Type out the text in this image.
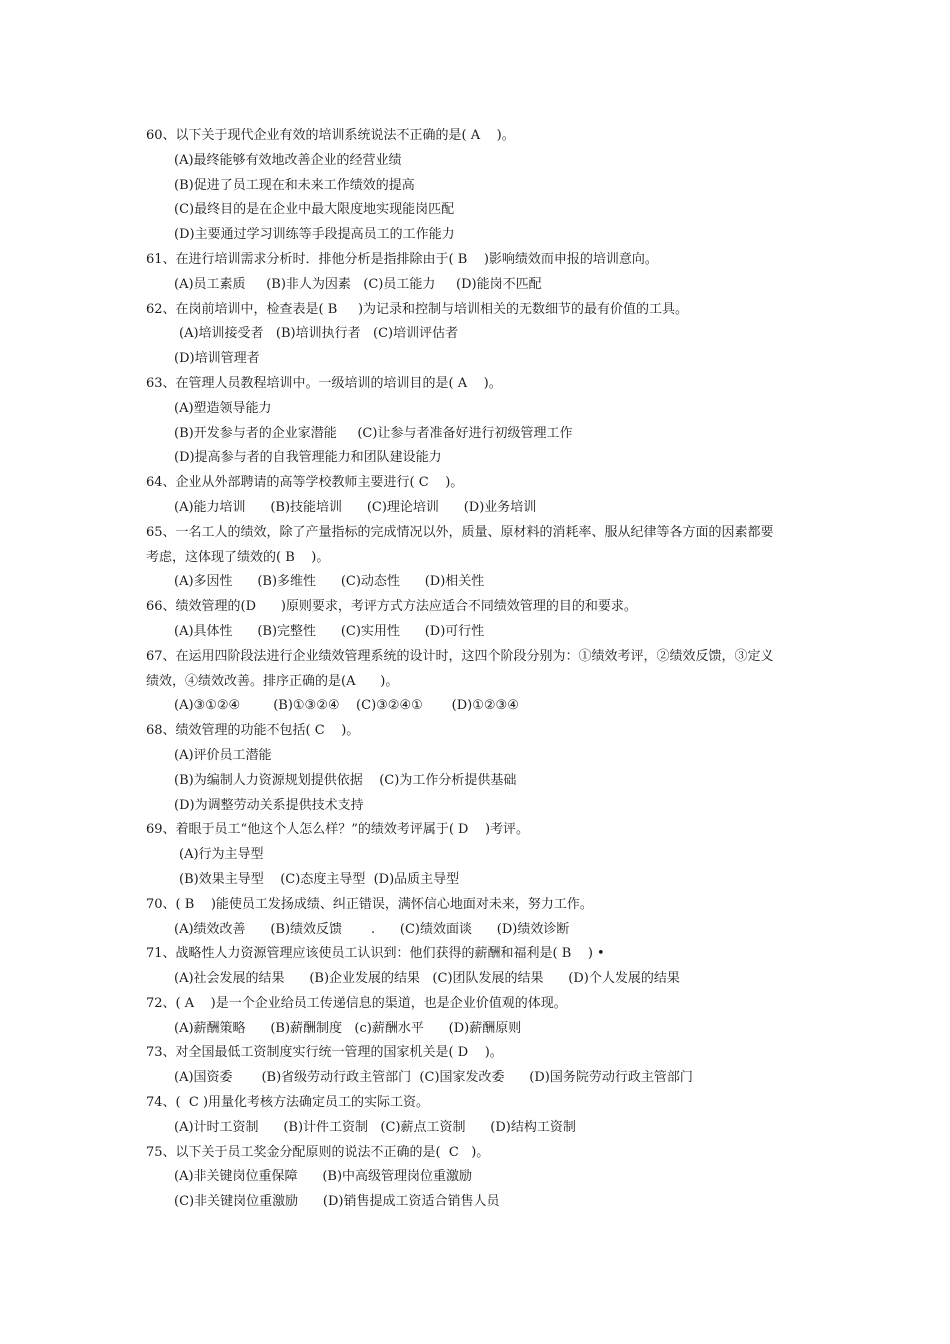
60、以下关于现代企业有效的培训系统说法不正确的是( A    )。
(A)最终能够有效地改善企业的经营业绩
(B)促进了员工现在和未来工作绩效的提高
(C)最终目的是在企业中最大限度地实现能岗匹配
(D)主要通过学习训练等手段提高员工的工作能力
61、在进行培训需求分析时．排他分析是指排除由于( B    )影响绩效而申报的培训意向。
(A)员工素质     (B)非人为因素   (C)员工能力     (D)能岗不匹配
62、在岗前培训中，检查表是( B     )为记录和控制与培训相关的无数细节的最有价值的工具。
(A)培训接受者   (B)培训执行者   (C)培训评估者
(D)培训管理者
63、在管理人员教程培训中。一级培训的培训目的是( A    )。
(A)塑造领导能力
(B)开发参与者的企业家潜能     (C)让参与者准备好进行初级管理工作
(D)提高参与者的自我管理能力和团队建设能力
64、企业从外部聘请的高等学校教师主要进行( C    )。
(A)能力培训      (B)技能培训      (C)理论培训      (D)业务培训
65、一名工人的绩效，除了产量指标的完成情况以外，质量、原材料的消耗率、服从纪律等各方面的因素都要
考虑，这体现了绩效的( B    )。
(A)多因性      (B)多维性      (C)动态性      (D)相关性
66、绩效管理的(D      )原则要求，考评方式方法应适合不同绩效管理的目的和要求。
(A)具体性      (B)完整性      (C)实用性      (D)可行性
67、在运用四阶段法进行企业绩效管理系统的设计时，这四个阶段分别为：①绩效考评，②绩效反馈，③定义
绩效，④绩效改善。排序正确的是(A      )。
(A)③①②④        (B)①③②④    (C)③②④①       (D)①②③④
68、绩效管理的功能不包括( C    )。
(A)评价员工潜能
(B)为编制人力资源规划提供依据    (C)为工作分析提供基础
(D)为调整劳动关系提供技术支持
69、着眼于员工“他这个人怎么样？”的绩效考评属于( D    )考评。
(A)行为主导型
(B)效果主导型    (C)态度主导型  (D)品质主导型
70、( B    )能使员工发扬成绩、纠正错误，满怀信心地面对未来，努力工作。
(A)绩效改善      (B)绩效反馈       .      (C)绩效面谈      (D)绩效诊断
71、战略性人力资源管理应该使员工认识到：他们获得的薪酬和福利是( B    ) •
(A)社会发展的结果      (B)企业发展的结果   (C)团队发展的结果      (D)个人发展的结果
72、( A    )是一个企业给员工传递信息的渠道，也是企业价值观的体现。
(A)薪酬策略      (B)薪酬制度   (c)薪酬水平      (D)薪酬原则
73、对全国最低工资制度实行统一管理的国家机关是( D    )。
(A)国资委       (B)省级劳动行政主管部门  (C)国家发改委      (D)国务院劳动行政主管部门
74、(  C )用量化考核方法确定员工的实际工资。
(A)计时工资制      (B)计件工资制   (C)薪点工资制      (D)结构工资制
75、以下关于员工奖金分配原则的说法不正确的是(  C   )。
(A)非关键岗位重保障      (B)中高级管理岗位重激励
(C)非关键岗位重激励      (D)销售提成工资适合销售人员
